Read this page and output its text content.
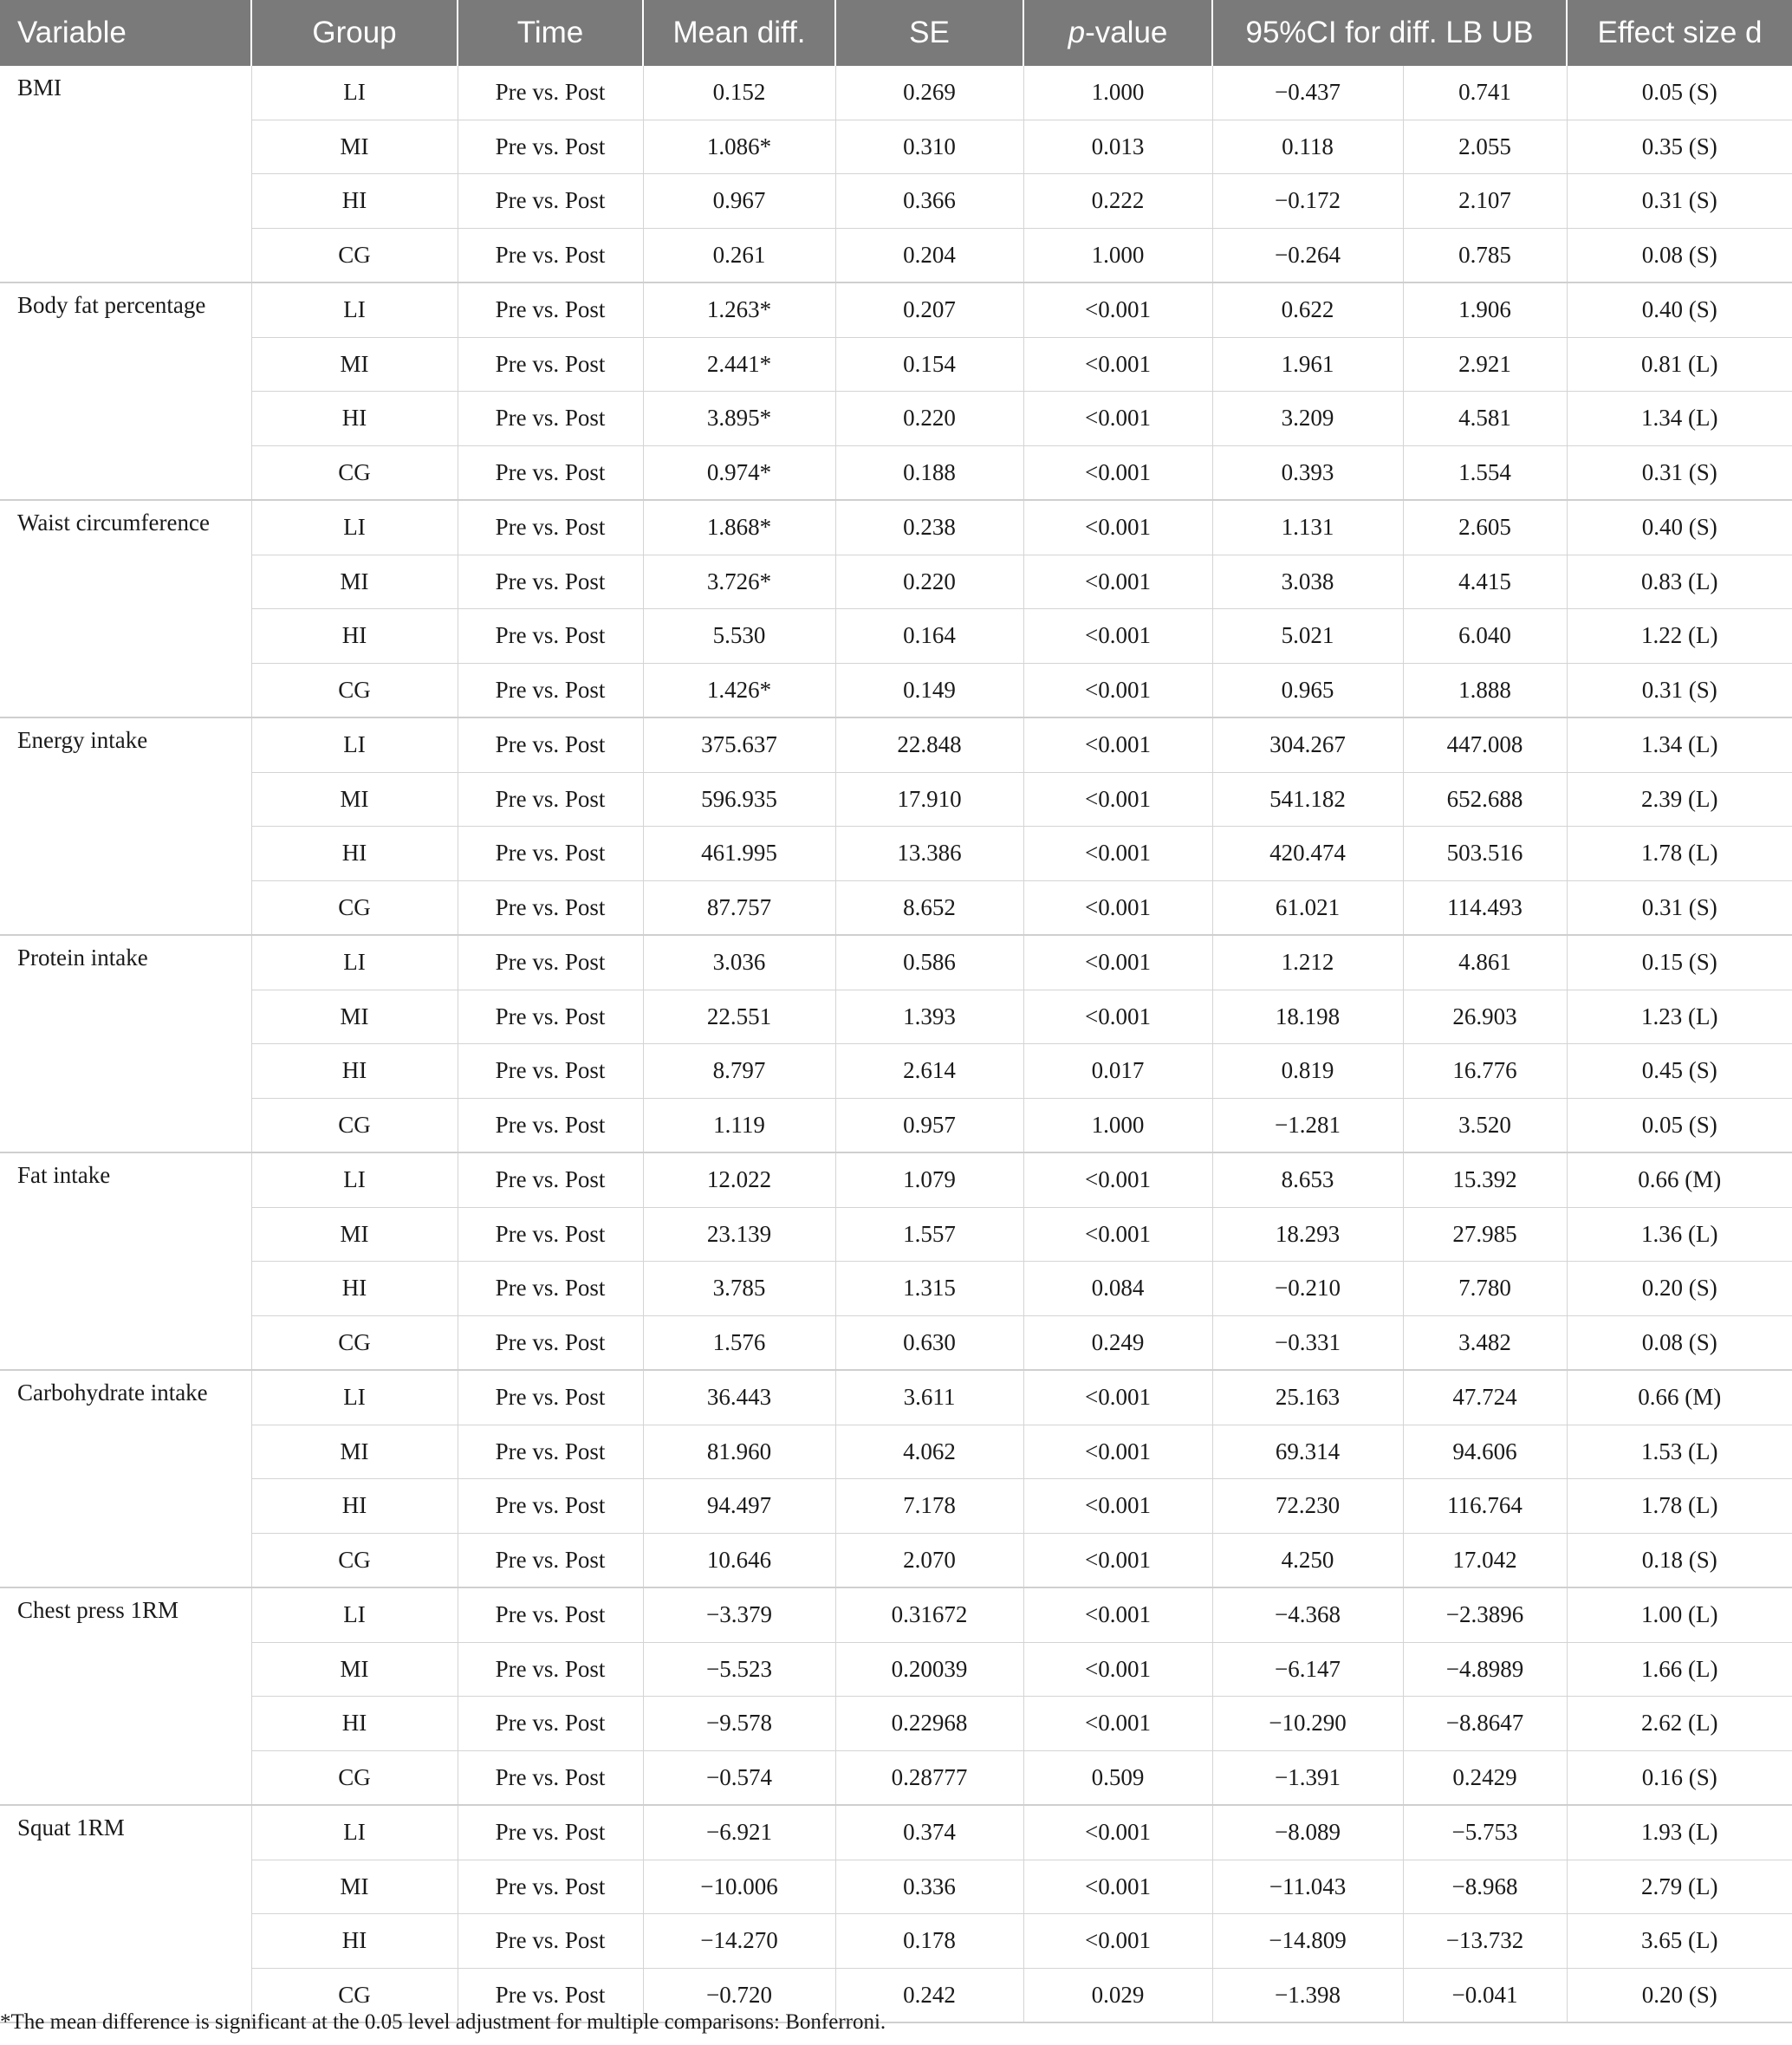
Variable	Group	Time	Mean diff.	SE	p-value	95%CI for diff. LB UB		Effect size d
BMI	LI	Pre vs. Post	0.152	0.269	1.000	−0.437	0.741	0.05 (S)
	MI	Pre vs. Post	1.086*	0.310	0.013	0.118	2.055	0.35 (S)
	HI	Pre vs. Post	0.967	0.366	0.222	−0.172	2.107	0.31 (S)
	CG	Pre vs. Post	0.261	0.204	1.000	−0.264	0.785	0.08 (S)
Body fat percentage	LI	Pre vs. Post	1.263*	0.207	<0.001	0.622	1.906	0.40 (S)
	MI	Pre vs. Post	2.441*	0.154	<0.001	1.961	2.921	0.81 (L)
	HI	Pre vs. Post	3.895*	0.220	<0.001	3.209	4.581	1.34 (L)
	CG	Pre vs. Post	0.974*	0.188	<0.001	0.393	1.554	0.31 (S)
Waist circumference	LI	Pre vs. Post	1.868*	0.238	<0.001	1.131	2.605	0.40 (S)
	MI	Pre vs. Post	3.726*	0.220	<0.001	3.038	4.415	0.83 (L)
	HI	Pre vs. Post	5.530	0.164	<0.001	5.021	6.040	1.22 (L)
	CG	Pre vs. Post	1.426*	0.149	<0.001	0.965	1.888	0.31 (S)
Energy intake	LI	Pre vs. Post	375.637	22.848	<0.001	304.267	447.008	1.34 (L)
	MI	Pre vs. Post	596.935	17.910	<0.001	541.182	652.688	2.39 (L)
	HI	Pre vs. Post	461.995	13.386	<0.001	420.474	503.516	1.78 (L)
	CG	Pre vs. Post	87.757	8.652	<0.001	61.021	114.493	0.31 (S)
Protein intake	LI	Pre vs. Post	3.036	0.586	<0.001	1.212	4.861	0.15 (S)
	MI	Pre vs. Post	22.551	1.393	<0.001	18.198	26.903	1.23 (L)
	HI	Pre vs. Post	8.797	2.614	0.017	0.819	16.776	0.45 (S)
	CG	Pre vs. Post	1.119	0.957	1.000	−1.281	3.520	0.05 (S)
Fat intake	LI	Pre vs. Post	12.022	1.079	<0.001	8.653	15.392	0.66 (M)
	MI	Pre vs. Post	23.139	1.557	<0.001	18.293	27.985	1.36 (L)
	HI	Pre vs. Post	3.785	1.315	0.084	−0.210	7.780	0.20 (S)
	CG	Pre vs. Post	1.576	0.630	0.249	−0.331	3.482	0.08 (S)
Carbohydrate intake	LI	Pre vs. Post	36.443	3.611	<0.001	25.163	47.724	0.66 (M)
	MI	Pre vs. Post	81.960	4.062	<0.001	69.314	94.606	1.53 (L)
	HI	Pre vs. Post	94.497	7.178	<0.001	72.230	116.764	1.78 (L)
	CG	Pre vs. Post	10.646	2.070	<0.001	4.250	17.042	0.18 (S)
Chest press 1RM	LI	Pre vs. Post	−3.379	0.31672	<0.001	−4.368	−2.3896	1.00 (L)
	MI	Pre vs. Post	−5.523	0.20039	<0.001	−6.147	−4.8989	1.66 (L)
	HI	Pre vs. Post	−9.578	0.22968	<0.001	−10.290	−8.8647	2.62 (L)
	CG	Pre vs. Post	−0.574	0.28777	0.509	−1.391	0.2429	0.16 (S)
Squat 1RM	LI	Pre vs. Post	−6.921	0.374	<0.001	−8.089	−5.753	1.93 (L)
	MI	Pre vs. Post	−10.006	0.336	<0.001	−11.043	−8.968	2.79 (L)
	HI	Pre vs. Post	−14.270	0.178	<0.001	−14.809	−13.732	3.65 (L)
	CG	Pre vs. Post	−0.720	0.242	0.029	−1.398	−0.041	0.20 (S)
*The mean difference is significant at the 0.05 level adjustment for multiple comparisons: Bonferroni.
